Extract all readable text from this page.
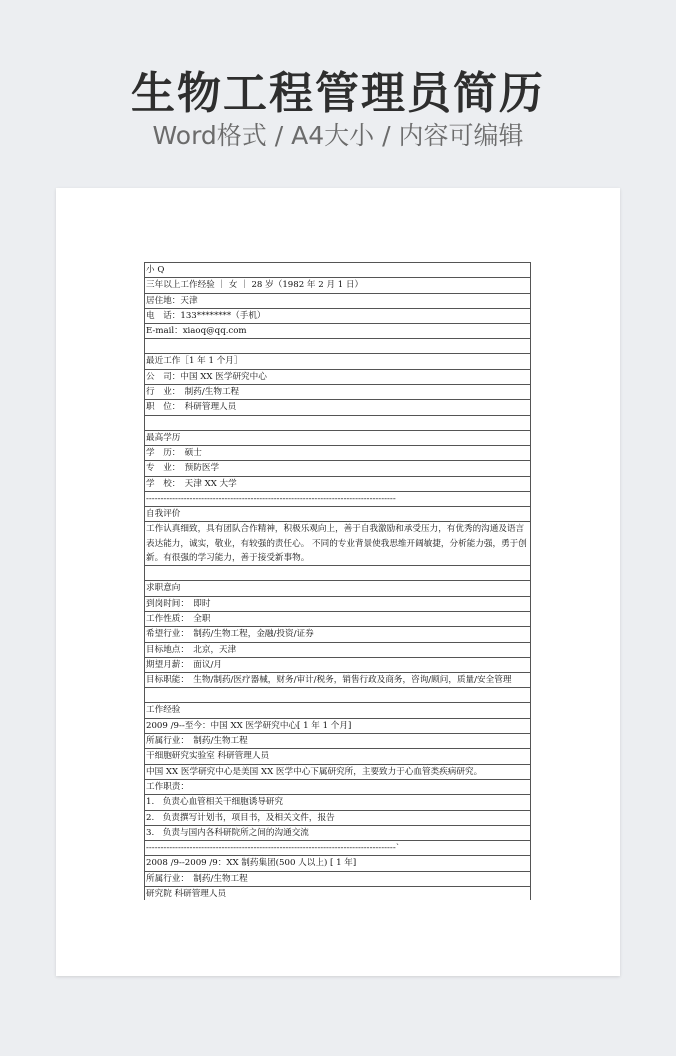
生物工程管理员简历
Word格式 / A4大小 / 内容可编辑
小 Q
三年以上工作经验 ｜ 女 ｜ 28 岁（1982 年 2 月 1 日）
居住地：天津
电　话：133********（手机）
E-mail：xiaoq@qq.com

最近工作［1 年 1 个月］
公　司：中国 XX 医学研究中心
行　业：　制药/生物工程
职　位：　科研管理人员

最高学历
学　历：　硕士
专　业：　预防医学
学　校：　天津 XX 大学
--------------------------------------------------------------------------------------
自我评价
工作认真细致，具有团队合作精神，积极乐观向上，善于自我激励和承受压力，有优秀的沟通及语言表达能力，诚实，敬业，有较强的责任心。 不同的专业背景使我思维开阔敏捷，分析能力强，勇于创新。有很强的学习能力，善于接受新事物。

求职意向
到岗时间：　即时
工作性质：　全职
希望行业：　制药/生物工程，金融/投资/证券
目标地点：　北京，天津
期望月薪：　面议/月
目标职能：　生物/制药/医疗器械，财务/审计/税务，销售行政及商务，咨询/顾问，质量/安全管理

工作经验
2009 /9--至今：中国 XX 医学研究中心[ 1 年 1 个月]
所属行业：　制药/生物工程
干细胞研究实验室 科研管理人员
中国 XX 医学研究中心是美国 XX 医学中心下属研究所，主要致力于心血管类疾病研究。
工作职责：
1.　负责心血管相关干细胞诱导研究
2.　负责撰写计划书，项目书，及相关文件，报告
3.　负责与国内各科研院所之间的沟通交流
--------------------------------------------------------------------------------------`
2008 /9--2009 /9：XX 制药集团(500 人以上) [ 1 年]
所属行业：　制药/生物工程
研究院 科研管理人员
